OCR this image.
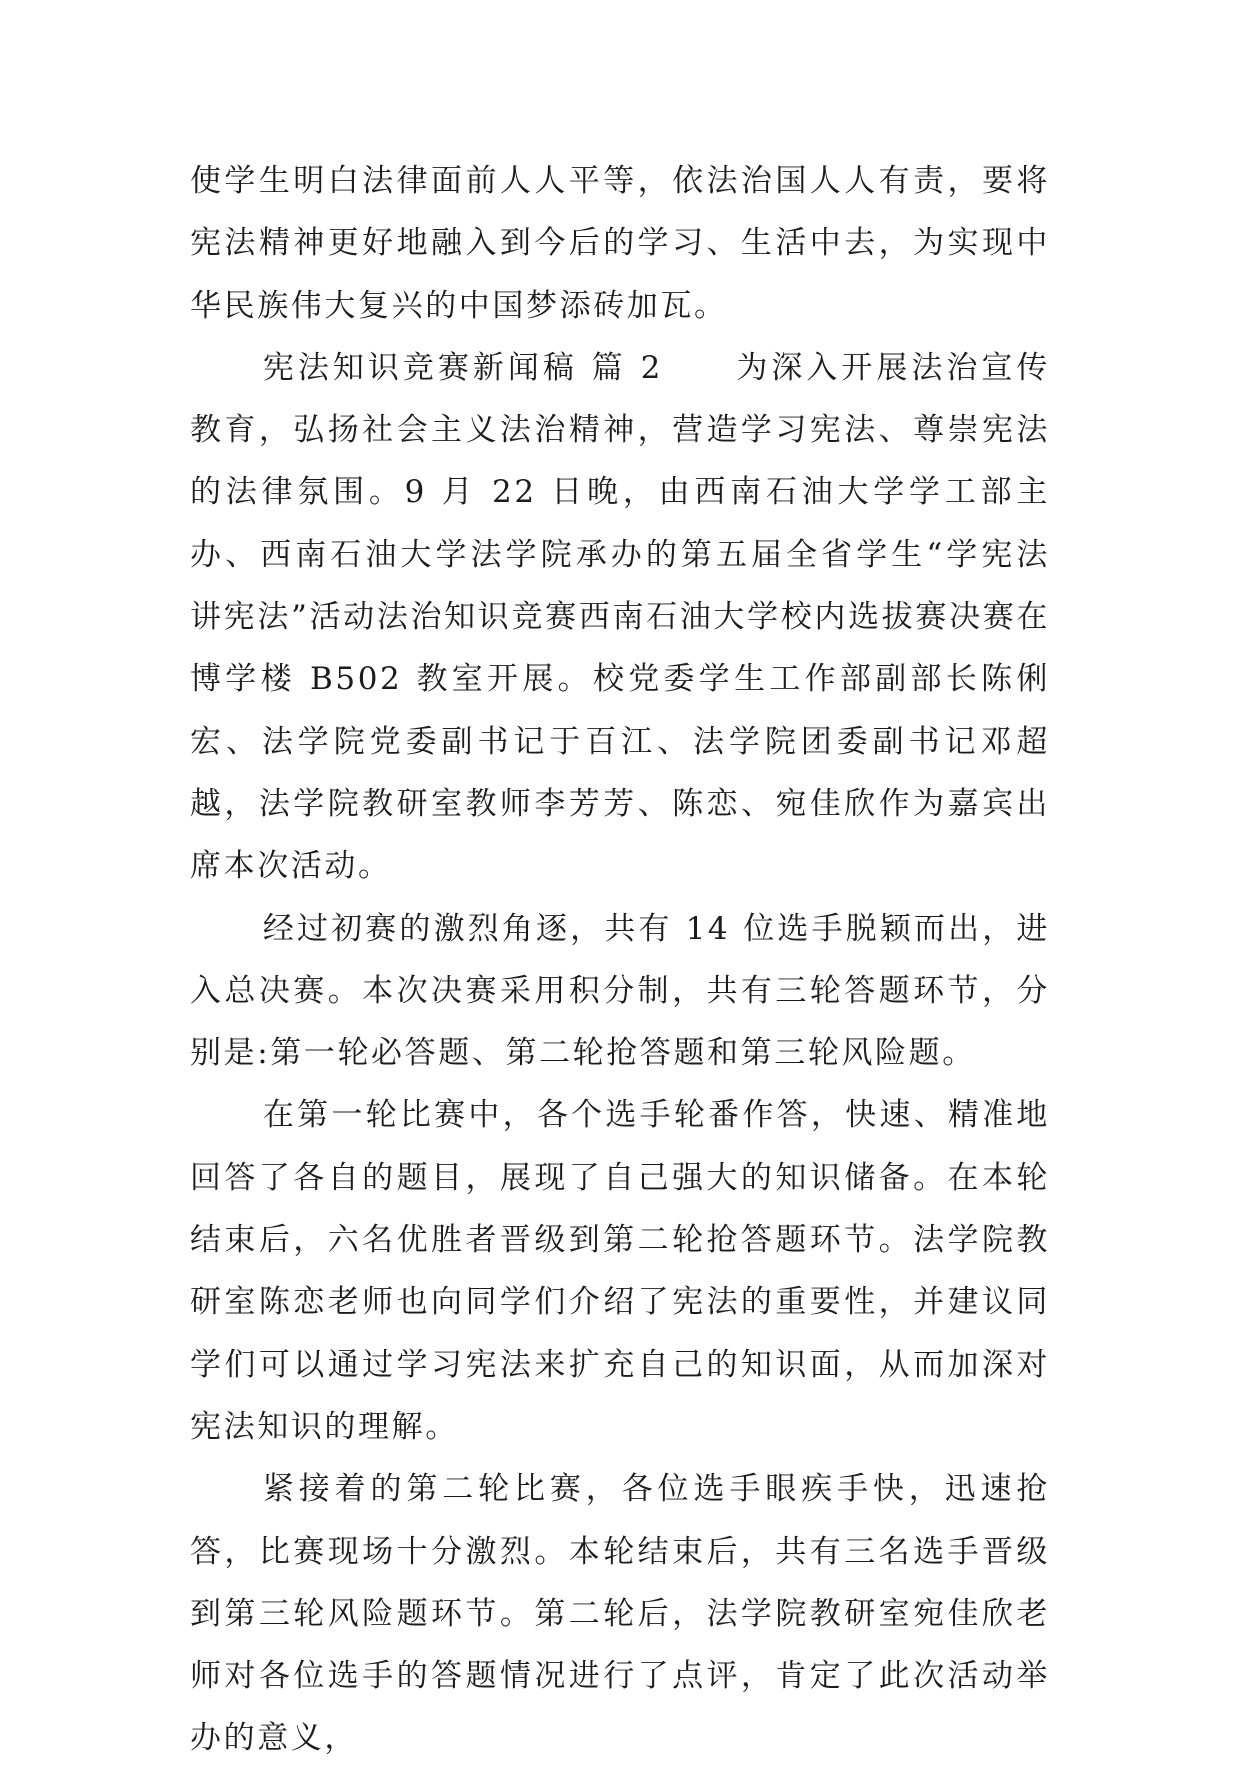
使学生明白法律面前人人平等，依法治国人人有责，要将宪法精神更好地融入到今后的学习、生活中去，为实现中华民族伟大复兴的中国梦添砖加瓦。

宪法知识竞赛新闻稿 篇 2 为深入开展法治宣传教育，弘扬社会主义法治精神，营造学习宪法、尊崇宪法的法律氛围。9 月 22 日晚，由西南石油大学学工部主办、西南石油大学法学院承办的第五届全省学生“学宪法 讲宪法”活动法治知识竞赛西南石油大学校内选拔赛决赛在博学楼 B502 教室开展。校党委学生工作部副部长陈俐宏、法学院党委副书记于百江、法学院团委副书记邓超越，法学院教研室教师李芳芳、陈恋、宛佳欣作为嘉宾出席本次活动。

经过初赛的激烈角逐，共有 14 位选手脱颖而出，进入总决赛。本次决赛采用积分制，共有三轮答题环节，分别是:第一轮必答题、第二轮抢答题和第三轮风险题。

在第一轮比赛中，各个选手轮番作答，快速、精准地回答了各自的题目，展现了自己强大的知识储备。在本轮结束后，六名优胜者晋级到第二轮抢答题环节。法学院教研室陈恋老师也向同学们介绍了宪法的重要性，并建议同学们可以通过学习宪法来扩充自己的知识面，从而加深对宪法知识的理解。

紧接着的第二轮比赛，各位选手眼疾手快，迅速抢答，比赛现场十分激烈。本轮结束后，共有三名选手晋级到第三轮风险题环节。第二轮后，法学院教研室宛佳欣老师对各位选手的答题情况进行了点评，肯定了此次活动举办的意义，
